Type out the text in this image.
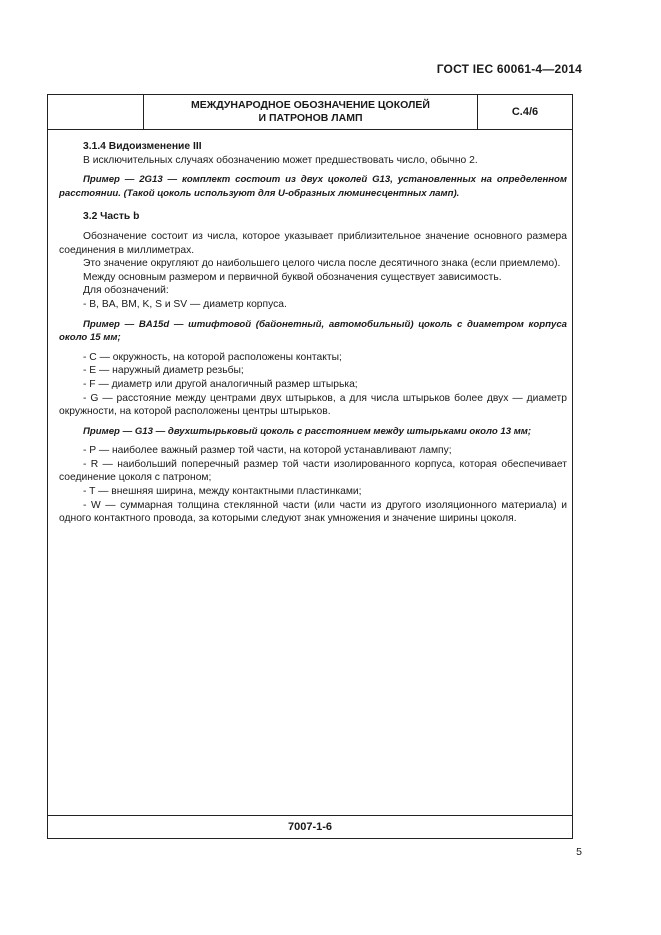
ГОСТ IEC 60061-4—2014
МЕЖДУНАРОДНОЕ ОБОЗНАЧЕНИЕ ЦОКОЛЕЙ
И ПАТРОНОВ ЛАМП	С.4/6

3.1.4 Видоизменение III

В исключительных случаях обозначению может предшествовать число, обычно 2.

Пример — 2G13 — комплект состоит из двух цоколей G13, установленных на определенном расстоянии. (Такой цоколь используют для U-образных люминесцентных ламп).

3.2 Часть b

Обозначение состоит из числа, которое указывает приблизительное значение основного размера соединения в миллиметрах.

Это значение округляют до наибольшего целого числа после десятичного знака (если приемлемо).

Между основным размером и первичной буквой обозначения существует зависимость.

Для обозначений:

- B, BA, BM, K, S и SV — диаметр корпуса.

Пример — BA15d — штифтовой (байонетный, автомобильный) цоколь с диаметром корпуса около 15 мм;

- C — окружность, на которой расположены контакты;

- E — наружный диаметр резьбы;

- F — диаметр или другой аналогичный размер штырька;

- G — расстояние между центрами двух штырьков, а для числа штырьков более двух — диаметр окружности, на которой расположены центры штырьков.

Пример — G13 — двухштырьковый цоколь с расстоянием между штырьками около 13 мм;

- P — наиболее важный размер той части, на которой устанавливают лампу;

- R — наибольший поперечный размер той части изолированного корпуса, которая обеспечивает соединение цоколя с патроном;

- T — внешняя ширина, между контактными пластинками;

- W — суммарная толщина стеклянной части (или части из другого изоляционного материала) и одного контактного провода, за которыми следуют знак умножения и значение ширины цоколя.

7007-1-6
5
